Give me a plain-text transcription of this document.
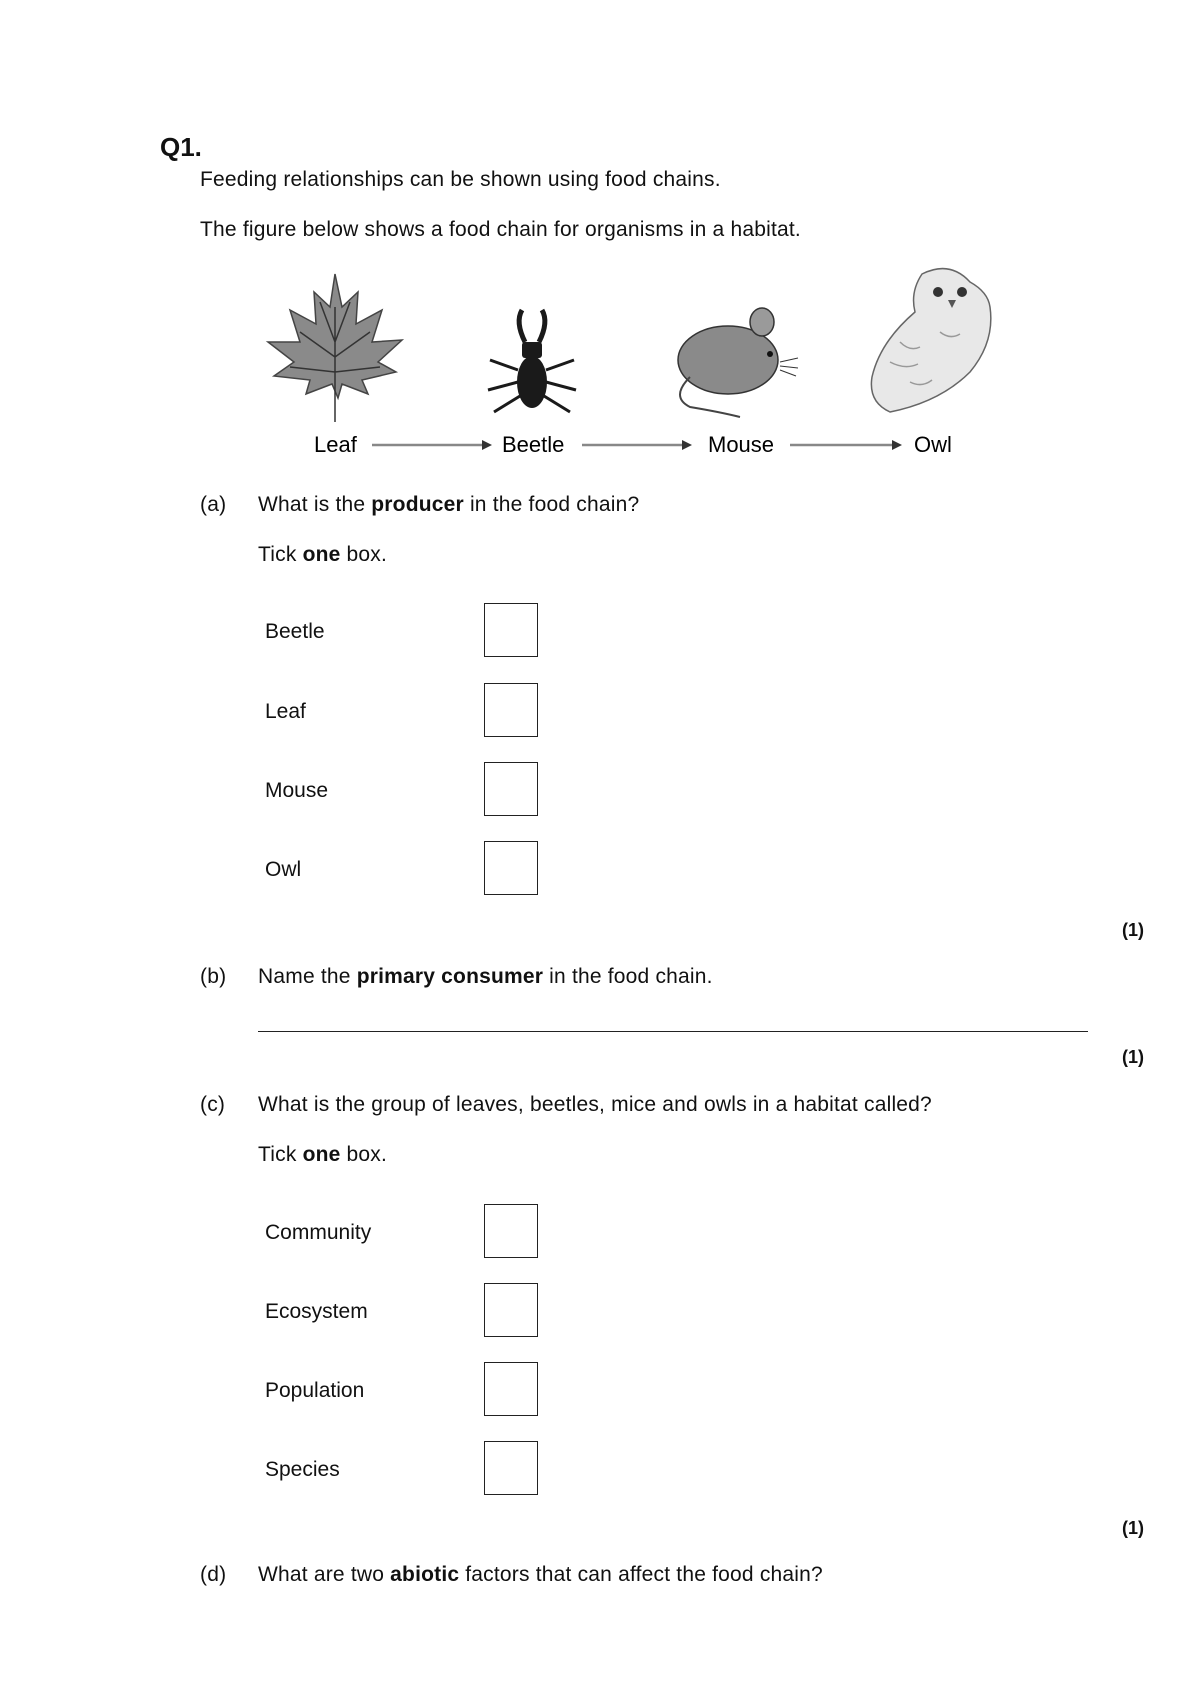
Q1.
Feeding relationships can be shown using food chains.
The figure below shows a food chain for organisms in a habitat.
Leaf	Beetle	Mouse	Owl
(a) What is the producer in the food chain?
Tick one box.
Beetle
Leaf
Mouse
Owl
(1)
(b) Name the primary consumer in the food chain.
(1)
(c) What is the group of leaves, beetles, mice and owls in a habitat called?
Tick one box.
Community
Ecosystem
Population
Species
(1)
(d) What are two abiotic factors that can affect the food chain?
